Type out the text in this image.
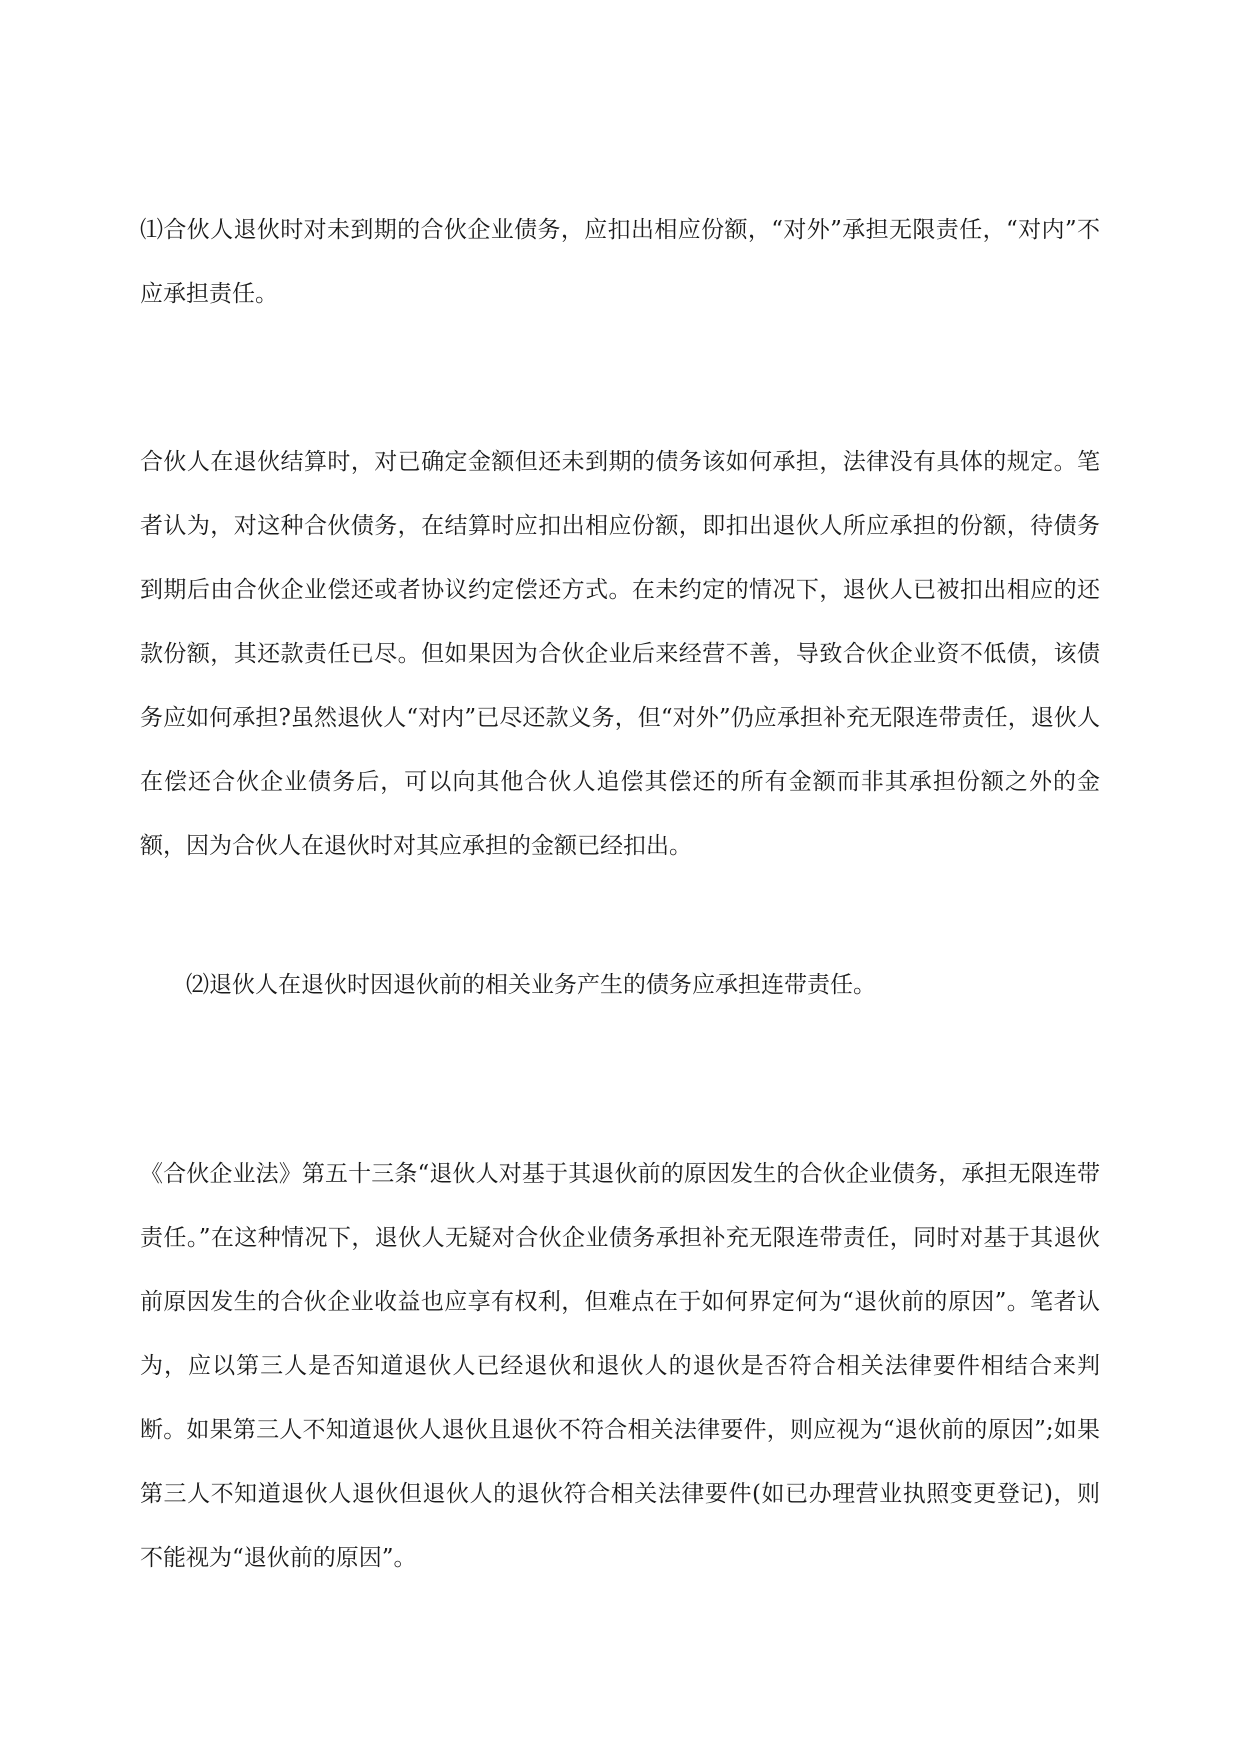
⑴合伙人退伙时对未到期的合伙企业债务，应扣出相应份额，“对外”承担无限责任，“对内”不应承担责任。

合伙人在退伙结算时，对已确定金额但还未到期的债务该如何承担，法律没有具体的规定。笔者认为，对这种合伙债务，在结算时应扣出相应份额，即扣出退伙人所应承担的份额，待债务到期后由合伙企业偿还或者协议约定偿还方式。在未约定的情况下，退伙人已被扣出相应的还款份额，其还款责任已尽。但如果因为合伙企业后来经营不善，导致合伙企业资不低债，该债务应如何承担?虽然退伙人“对内”已尽还款义务，但“对外”仍应承担补充无限连带责任，退伙人在偿还合伙企业债务后，可以向其他合伙人追偿其偿还的所有金额而非其承担份额之外的金额，因为合伙人在退伙时对其应承担的金额已经扣出。

⑵退伙人在退伙时因退伙前的相关业务产生的债务应承担连带责任。

《合伙企业法》第五十三条“退伙人对基于其退伙前的原因发生的合伙企业债务，承担无限连带责任。”在这种情况下，退伙人无疑对合伙企业债务承担补充无限连带责任，同时对基于其退伙前原因发生的合伙企业收益也应享有权利，但难点在于如何界定何为“退伙前的原因”。笔者认为，应以第三人是否知道退伙人已经退伙和退伙人的退伙是否符合相关法律要件相结合来判断。如果第三人不知道退伙人退伙且退伙不符合相关法律要件，则应视为“退伙前的原因”;如果第三人不知道退伙人退伙但退伙人的退伙符合相关法律要件(如已办理营业执照变更登记)，则不能视为“退伙前的原因”。
